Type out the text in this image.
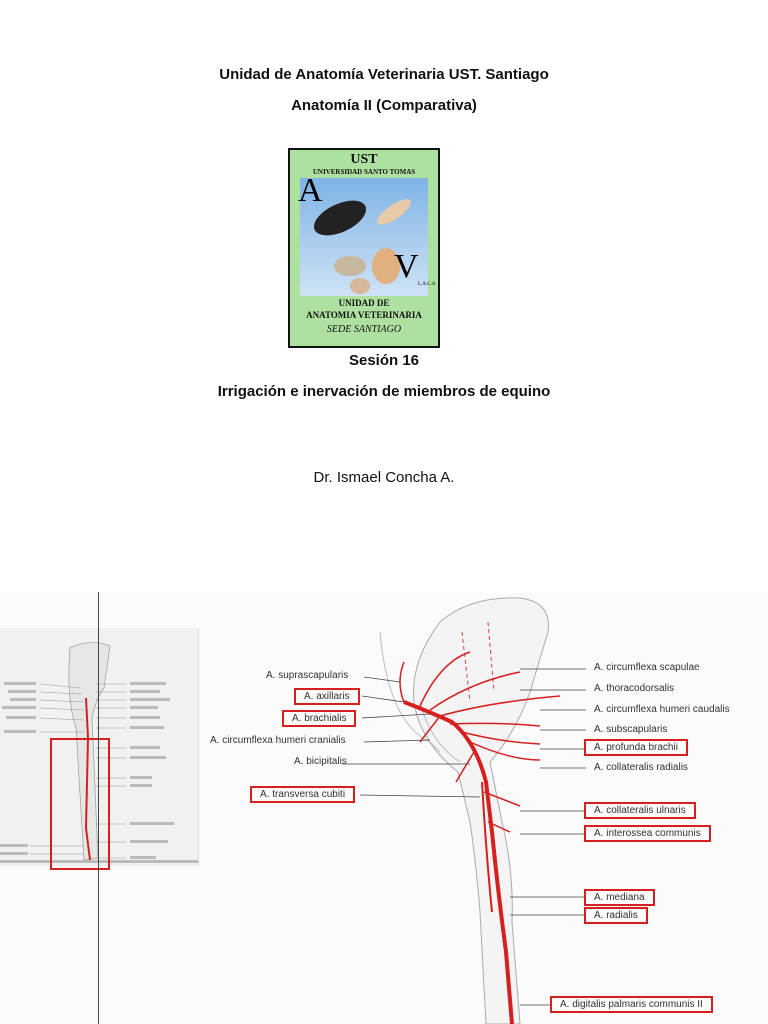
Unidad de Anatomía Veterinaria UST. Santiago
Anatomía II (Comparativa)
UST
UNIVERSIDAD SANTO TOMAS
A
V L.A.C.A
UNIDAD DE
ANATOMIA VETERINARIA
SEDE SANTIAGO
Sesión 16
Irrigación e inervación de miembros de equino
Dr. Ismael Concha A.
A. suprascapularis
A. axillaris
A. brachialis
A. circumflexa humeri cranialis
A. bicipitalis
A. transversa cubiti
A. circumflexa scapulae
A. thoracodorsalis
A. circumflexa humeri caudalis
A. subscapularis
A. profunda brachii
A. collateralis radialis
A. collateralis ulnaris
A. interossea communis
A. mediana
A. radialis
A. digitalis palmaris communis II
